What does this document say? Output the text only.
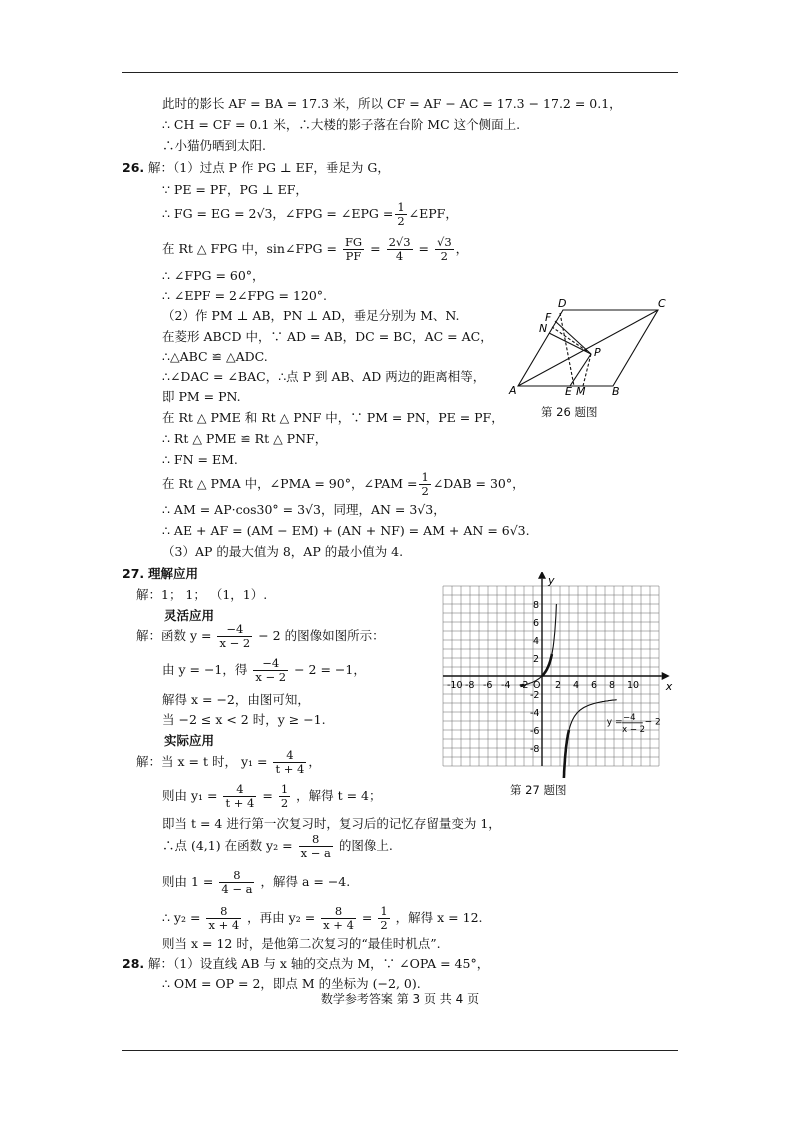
此时的影长 AF = BA = 17.3 米，所以 CF = AF − AC = 17.3 − 17.2 = 0.1，
∴ CH = CF = 0.1 米，∴大楼的影子落在台阶 MC 这个侧面上.
∴小猫仍晒到太阳.
26. 解：（1）过点 P 作 PG ⊥ EF，垂足为 G，
∵ PE = PF，PG ⊥ EF，
∴ FG = EG = 2√3，∠FPG = ∠EPG = $\frac{1}{2}$ ∠EPF，
在 Rt △ FPG 中，sin∠FPG = $\frac{FG}{PF} = \frac{2√3}{4} = \frac{√3}{2}$ ，
∴ ∠FPG = 60°，
∴ ∠EPF = 2∠FPG = 120°.
（2）作 PM ⊥ AB，PN ⊥ AD，垂足分别为 M、N.
在菱形 ABCD 中，∵ AD = AB，DC = BC，AC = AC，
∴△ABC ≌ △ADC.
∴∠DAC = ∠BAC，∴点 P 到 AB、AD 两边的距离相等，
即 PM = PN.
在 Rt △ PME 和 Rt △ PNF 中，∵ PM = PN，PE = PF，
∴ Rt △ PME ≌ Rt △ PNF，
∴ FN = EM.
在 Rt △ PMA 中，∠PMA = 90°，∠PAM = $\frac{1}{2}$ ∠DAB = 30°，
∴ AM = AP·cos30° = 3√3，同理，AN = 3√3，
∴ AE + AF = (AM − EM) + (AN + NF) = AM + AN = 6√3.
（3）AP 的最大值为 8，AP 的最小值为 4.
27. 理解应用
解：1； 1； （1，1）.
灵活应用
解：函数 $y = \frac{-4}{x - 2} - 2$ 的图像如图所示：
由 y = −1，得 $\frac{-4}{x - 2} - 2 = -1$，
解得 x = −2，由图可知，
当 −2 ≤ x < 2 时，y ≥ −1.
实际应用
解：当 x = t 时， $y_1 = \frac{4}{t + 4}$ ，
则由 $y_1 = \frac{4}{t + 4} = \frac{1}{2}$ ，解得 t = 4；
即当 t = 4 进行第一次复习时，复习后的记忆存留量变为 1，
∴点 (4,1) 在函数 $y_2 = \frac{8}{x - a}$ 的图像上.
则由 $1 = \frac{8}{4 - a}$ ，解得 a = −4.
∴ $y_2 = \frac{8}{x + 4}$ ，再由 $y_2 = \frac{8}{x + 4} = \frac{1}{2}$ ，解得 x = 12.
则当 x = 12 时，是他第二次复习的“最佳时机点”.
28. 解：（1）设直线 AB 与 x 轴的交点为 M，∵ ∠OPA = 45°，
∴ OM = OP = 2，即点 M 的坐标为 (−2, 0).
数学参考答案 第 3 页 共 4 页
D	C
N
F
P
A	E M B
第 26 题图
x
y
-10 -8 -6 -4 -2 O 2 4 6 8 10
8
6
4
2
-2
-4
-6
-8
y = −4
x − 2
− 2
第 27 题图
